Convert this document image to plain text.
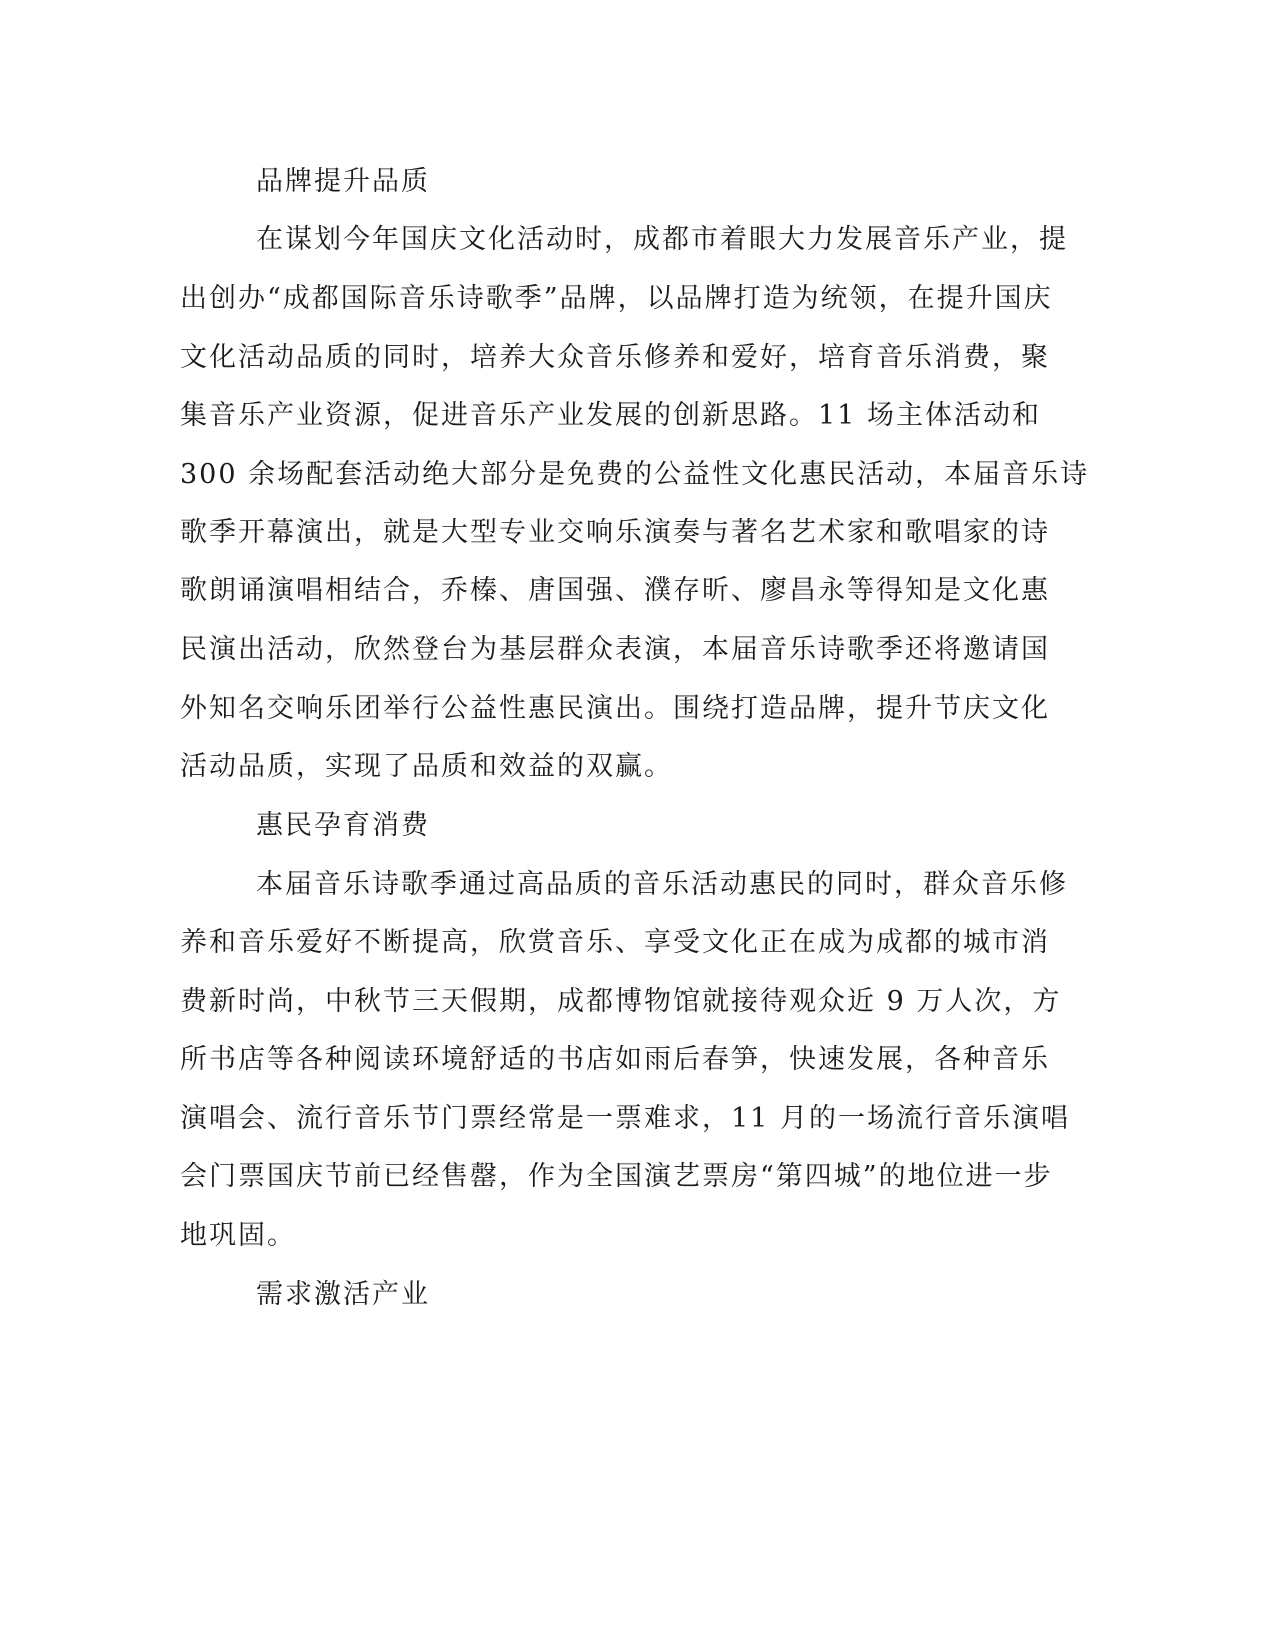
品牌提升品质
在谋划今年国庆文化活动时，成都市着眼大力发展音乐产业，提
出创办“成都国际音乐诗歌季”品牌，以品牌打造为统领，在提升国庆
文化活动品质的同时，培养大众音乐修养和爱好，培育音乐消费，聚
集音乐产业资源，促进音乐产业发展的创新思路。11 场主体活动和
300 余场配套活动绝大部分是免费的公益性文化惠民活动，本届音乐诗
歌季开幕演出，就是大型专业交响乐演奏与著名艺术家和歌唱家的诗
歌朗诵演唱相结合，乔榛、唐国强、濮存昕、廖昌永等得知是文化惠
民演出活动，欣然登台为基层群众表演，本届音乐诗歌季还将邀请国
外知名交响乐团举行公益性惠民演出。围绕打造品牌，提升节庆文化
活动品质，实现了品质和效益的双赢。
惠民孕育消费
本届音乐诗歌季通过高品质的音乐活动惠民的同时，群众音乐修
养和音乐爱好不断提高，欣赏音乐、享受文化正在成为成都的城市消
费新时尚，中秋节三天假期，成都博物馆就接待观众近 9 万人次，方
所书店等各种阅读环境舒适的书店如雨后春笋，快速发展，各种音乐
演唱会、流行音乐节门票经常是一票难求，11 月的一场流行音乐演唱
会门票国庆节前已经售罄，作为全国演艺票房“第四城”的地位进一步
地巩固。
需求激活产业
